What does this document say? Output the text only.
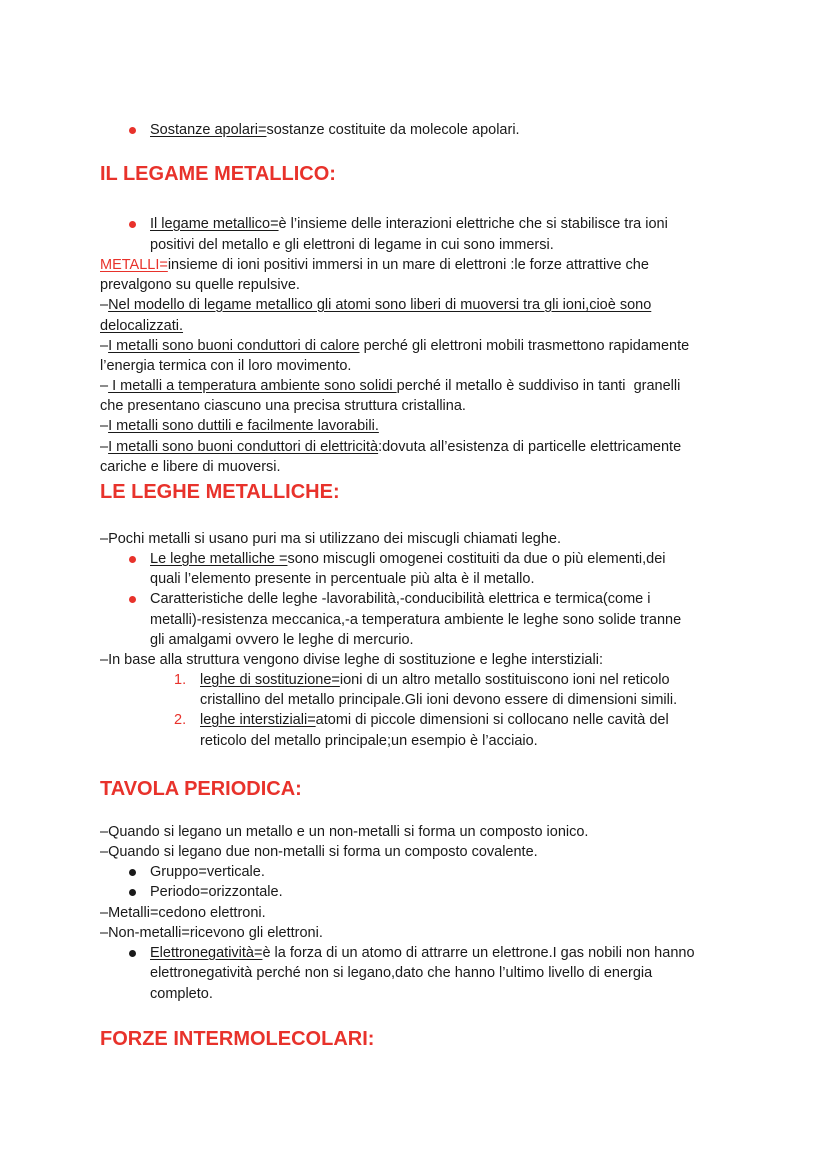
Sostanze apolari=sostanze costituite da molecole apolari.
IL LEGAME METALLICO:
Il legame metallico=è l’insieme delle interazioni elettriche che si stabilisce tra ioni
positivi del metallo e gli elettroni di legame in cui sono immersi.
METALLI=insieme di ioni positivi immersi in un mare di elettroni :le forze attrattive che
prevalgono su quelle repulsive.
–Nel modello di legame metallico gli atomi sono liberi di muoversi tra gli ioni,cioè sono
delocalizzati.
–I metalli sono buoni conduttori di calore perché gli elettroni mobili trasmettono rapidamente
l’energia termica con il loro movimento.
– I metalli a temperatura ambiente sono solidi perché il metallo è suddiviso in tanti  granelli
che presentano ciascuno una precisa struttura cristallina.
–I metalli sono duttili e facilmente lavorabili.
–I metalli sono buoni conduttori di elettricità:dovuta all’esistenza di particelle elettricamente
cariche e libere di muoversi.
LE LEGHE METALLICHE:
–Pochi metalli si usano puri ma si utilizzano dei miscugli chiamati leghe.
Le leghe metalliche =sono miscugli omogenei costituiti da due o più elementi,dei
quali l’elemento presente in percentuale più alta è il metallo.
Caratteristiche delle leghe -lavorabilità,-conducibilità elettrica e termica(come i
metalli)-resistenza meccanica,-a temperatura ambiente le leghe sono solide tranne
gli amalgami ovvero le leghe di mercurio.
–In base alla struttura vengono divise leghe di sostituzione e leghe interstiziali:
1. leghe di sostituzione=ioni di un altro metallo sostituiscono ioni nel reticolo
cristallino del metallo principale.Gli ioni devono essere di dimensioni simili.
2. leghe interstiziali=atomi di piccole dimensioni si collocano nelle cavità del
reticolo del metallo principale;un esempio è l’acciaio.
TAVOLA PERIODICA:
–Quando si legano un metallo e un non-metalli si forma un composto ionico.
–Quando si legano due non-metalli si forma un composto covalente.
Gruppo=verticale.
Periodo=orizzontale.
–Metalli=cedono elettroni.
–Non-metalli=ricevono gli elettroni.
Elettronegatività=è la forza di un atomo di attrarre un elettrone.I gas nobili non hanno
elettronegatività perché non si legano,dato che hanno l’ultimo livello di energia
completo.
FORZE INTERMOLECOLARI:
